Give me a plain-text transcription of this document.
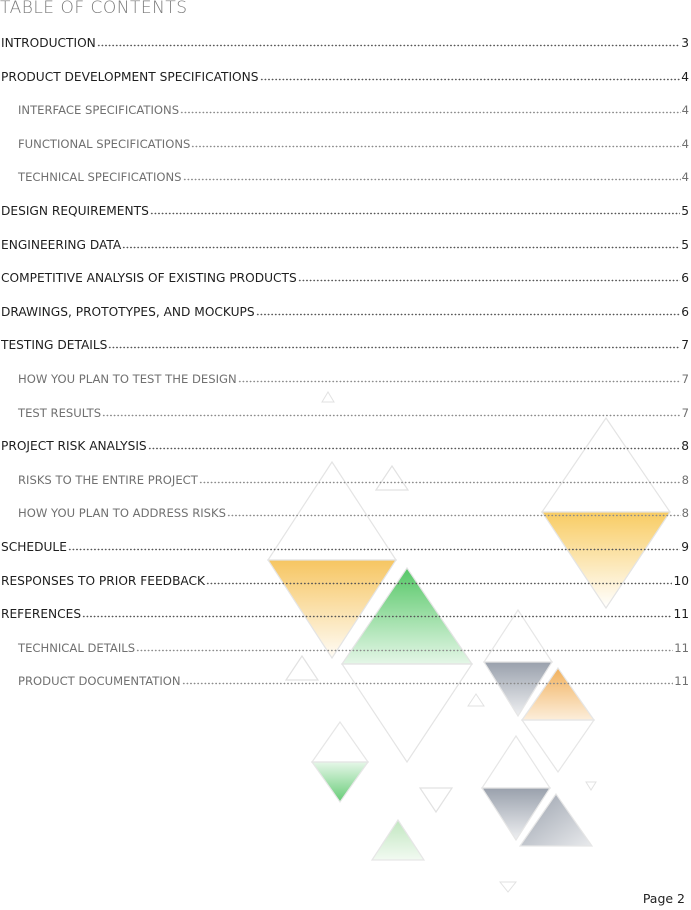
TABLE OF CONTENTS
INTRODUCTION	3
PRODUCT DEVELOPMENT SPECIFICATIONS	4
INTERFACE SPECIFICATIONS	4
FUNCTIONAL SPECIFICATIONS	4
TECHNICAL SPECIFICATIONS	4
DESIGN REQUIREMENTS	5
ENGINEERING DATA	5
COMPETITIVE ANALYSIS OF EXISTING PRODUCTS	6
DRAWINGS, PROTOTYPES, AND MOCKUPS	6
TESTING DETAILS	7
HOW YOU PLAN TO TEST THE DESIGN	7
TEST RESULTS	7
PROJECT RISK ANALYSIS	8
RISKS TO THE ENTIRE PROJECT	8
HOW YOU PLAN TO ADDRESS RISKS	8
SCHEDULE	9
RESPONSES TO PRIOR FEEDBACK	10
REFERENCES	11
TECHNICAL DETAILS	11
PRODUCT DOCUMENTATION	11
Page 2
